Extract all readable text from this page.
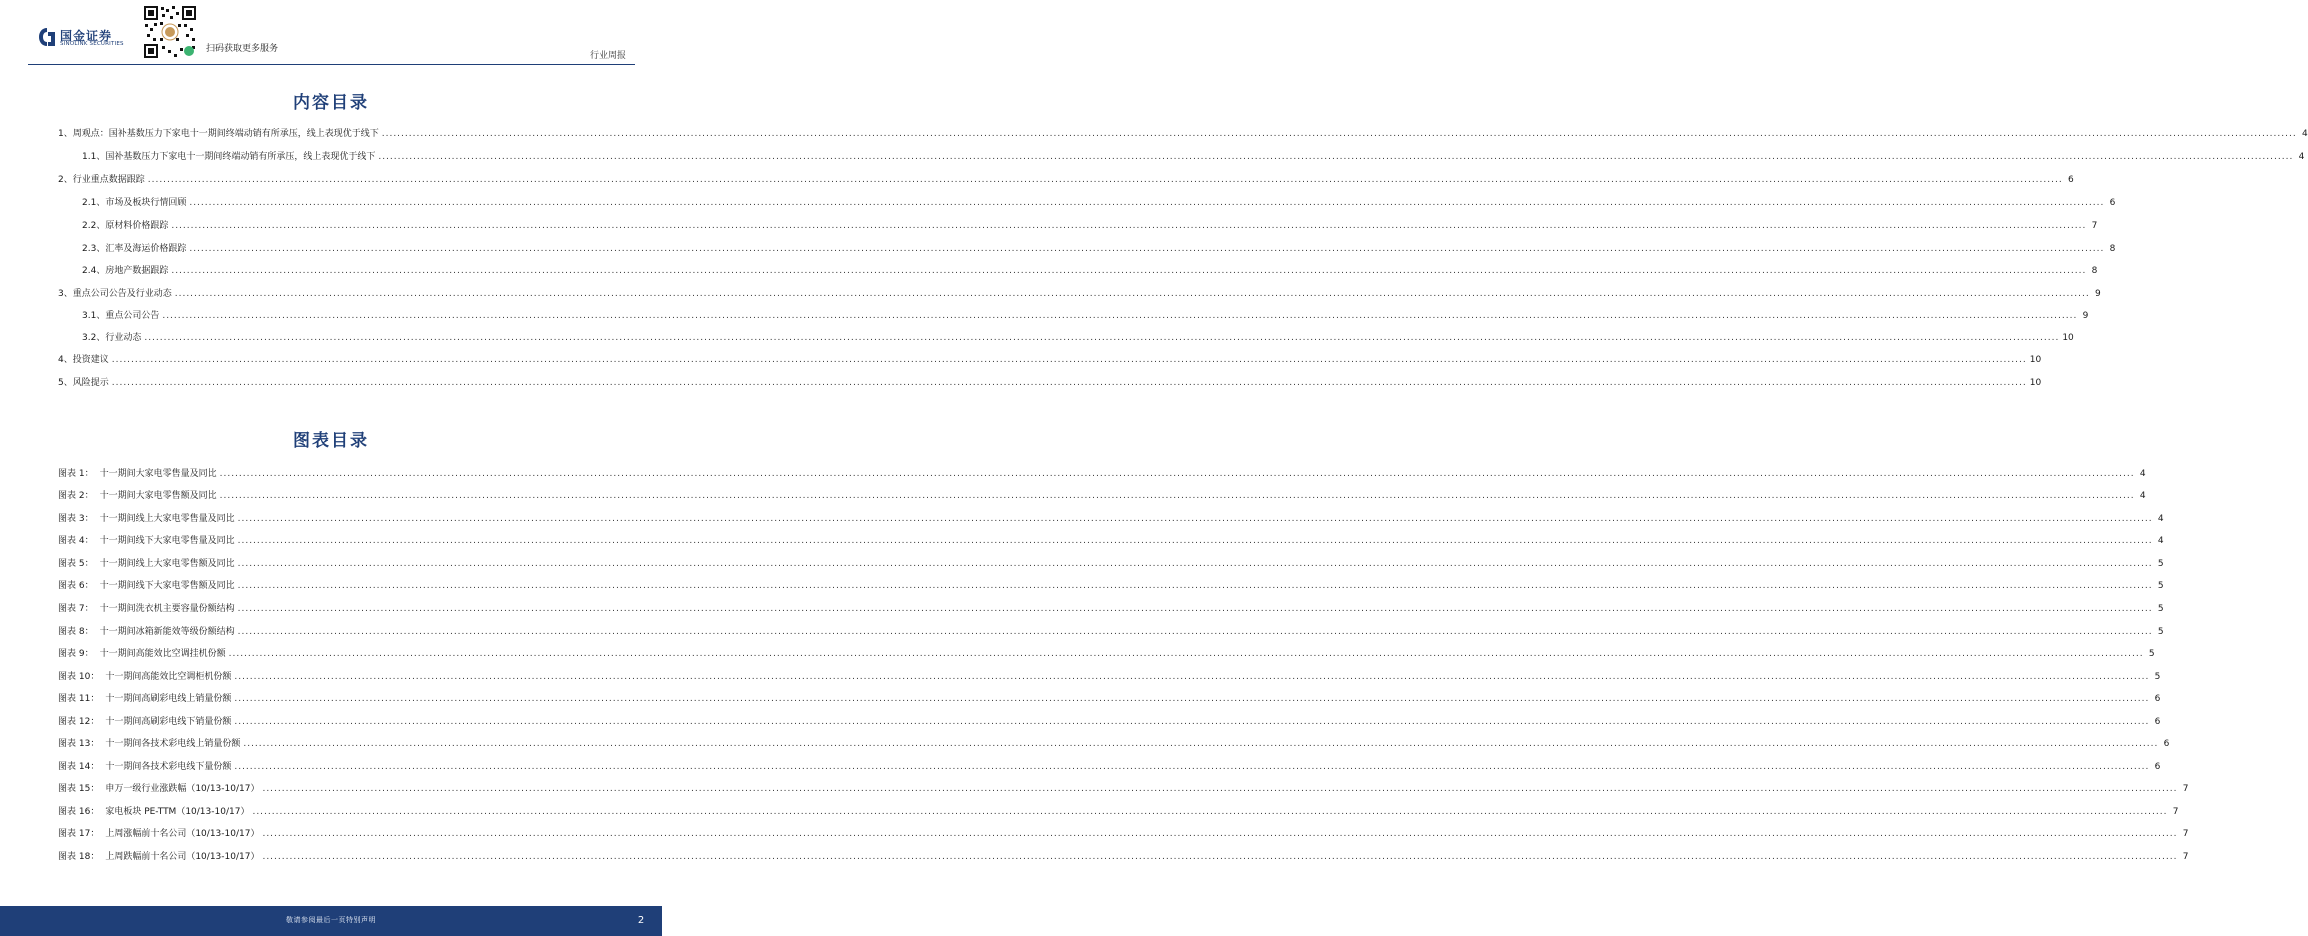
国金证券
SINOLINK SECURITIES	扫码获取更多服务
行业周报
内容目录
1、周观点：国补基数压力下家电十一期间终端动销有所承压，线上表现优于线下 ................................................................................................................................................................................................................................................................................................................................................................................................................................................................................................................ 4
1.1、国补基数压力下家电十一期间终端动销有所承压，线上表现优于线下 ................................................................................................................................................................................................................................................................................................................................................................................................................................................................................................................ 4
2、行业重点数据跟踪 ................................................................................................................................................................................................................................................................................................................................................................................................................................................................................................................ 6
2.1、市场及板块行情回顾 ................................................................................................................................................................................................................................................................................................................................................................................................................................................................................................................ 6
2.2、原材料价格跟踪 ................................................................................................................................................................................................................................................................................................................................................................................................................................................................................................................ 7
2.3、汇率及海运价格跟踪 ................................................................................................................................................................................................................................................................................................................................................................................................................................................................................................................ 8
2.4、房地产数据跟踪 ................................................................................................................................................................................................................................................................................................................................................................................................................................................................................................................ 8
3、重点公司公告及行业动态 ................................................................................................................................................................................................................................................................................................................................................................................................................................................................................................................ 9
3.1、重点公司公告 ................................................................................................................................................................................................................................................................................................................................................................................................................................................................................................................ 9
3.2、行业动态 ................................................................................................................................................................................................................................................................................................................................................................................................................................................................................................................ 10
4、投资建议 ................................................................................................................................................................................................................................................................................................................................................................................................................................................................................................................ 10
5、风险提示 ................................................................................................................................................................................................................................................................................................................................................................................................................................................................................................................ 10
图表目录
图表 1： 十一期间大家电零售量及同比 ................................................................................................................................................................................................................................................................................................................................................................................................................................................................................................................ 4
图表 2： 十一期间大家电零售额及同比 ................................................................................................................................................................................................................................................................................................................................................................................................................................................................................................................ 4
图表 3： 十一期间线上大家电零售量及同比 ................................................................................................................................................................................................................................................................................................................................................................................................................................................................................................................ 4
图表 4： 十一期间线下大家电零售量及同比 ................................................................................................................................................................................................................................................................................................................................................................................................................................................................................................................ 4
图表 5： 十一期间线上大家电零售额及同比 ................................................................................................................................................................................................................................................................................................................................................................................................................................................................................................................ 5
图表 6： 十一期间线下大家电零售额及同比 ................................................................................................................................................................................................................................................................................................................................................................................................................................................................................................................ 5
图表 7： 十一期间洗衣机主要容量份额结构 ................................................................................................................................................................................................................................................................................................................................................................................................................................................................................................................ 5
图表 8： 十一期间冰箱新能效等级份额结构 ................................................................................................................................................................................................................................................................................................................................................................................................................................................................................................................ 5
图表 9： 十一期间高能效比空调挂机份额 ................................................................................................................................................................................................................................................................................................................................................................................................................................................................................................................ 5
图表 10： 十一期间高能效比空调柜机份额 ................................................................................................................................................................................................................................................................................................................................................................................................................................................................................................................ 5
图表 11： 十一期间高刷彩电线上销量份额 ................................................................................................................................................................................................................................................................................................................................................................................................................................................................................................................ 6
图表 12： 十一期间高刷彩电线下销量份额 ................................................................................................................................................................................................................................................................................................................................................................................................................................................................................................................ 6
图表 13： 十一期间各技术彩电线上销量份额 ................................................................................................................................................................................................................................................................................................................................................................................................................................................................................................................ 6
图表 14： 十一期间各技术彩电线下量份额 ................................................................................................................................................................................................................................................................................................................................................................................................................................................................................................................ 6
图表 15： 申万一级行业涨跌幅（10/13-10/17） ................................................................................................................................................................................................................................................................................................................................................................................................................................................................................................................ 7
图表 16： 家电板块 PE-TTM（10/13-10/17） ................................................................................................................................................................................................................................................................................................................................................................................................................................................................................................................ 7
图表 17： 上周涨幅前十名公司（10/13-10/17） ................................................................................................................................................................................................................................................................................................................................................................................................................................................................................................................ 7
图表 18： 上周跌幅前十名公司（10/13-10/17） ................................................................................................................................................................................................................................................................................................................................................................................................................................................................................................................ 7
敬请参阅最后一页特别声明	2
